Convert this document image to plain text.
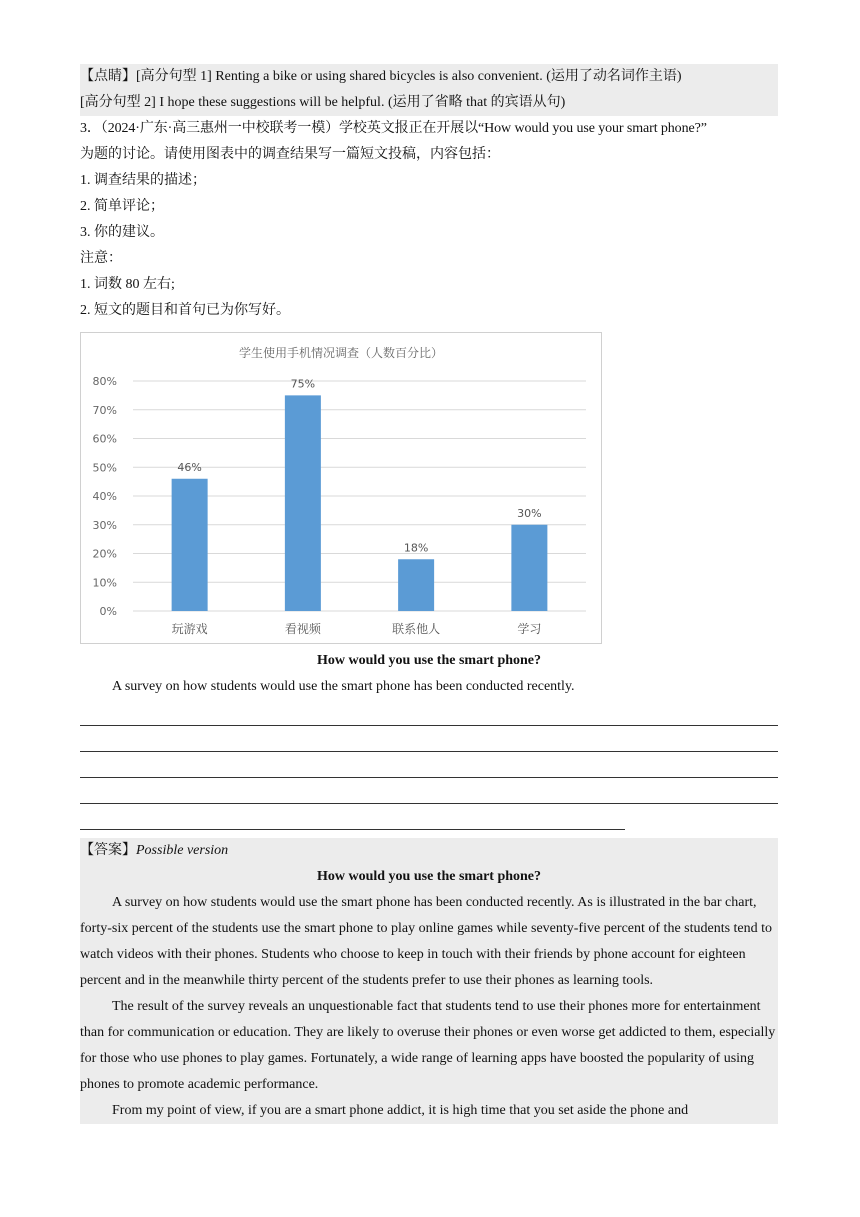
【点睛】[高分句型 1] Renting a bike or using shared bicycles is also convenient. (运用了动名词作主语)

[高分句型 2] I hope these suggestions will be helpful. (运用了省略 that 的宾语从句)

3．（2024·广东·高三惠州一中校联考一模）学校英文报正在开展以“How would you use your smart phone?”

为题的讨论。请使用图表中的调查结果写一篇短文投稿，内容包括：

1. 调查结果的描述；

2. 简单评论；

3. 你的建议。

注意：

1. 词数 80 左右;

2. 短文的题目和首句已为你写好。

学生使用手机情况调查（人数百分比）
0%
10%
20%
30%
40%
50%
60%
70%
80%
46%
玩游戏
75%
看视频
18%
联系他人
30%
学习

How would you use the smart phone?

A survey on how students would use the smart phone has been conducted recently.

【答案】Possible version

How would you use the smart phone?

A survey on how students would use the smart phone has been conducted recently. As is illustrated in the bar chart, forty-six percent of the students use the smart phone to play online games while seventy-five percent of the students tend to watch videos with their phones. Students who choose to keep in touch with their friends by phone account for eighteen percent and in the meanwhile thirty percent of the students prefer to use their phones as learning tools.

The result of the survey reveals an unquestionable fact that students tend to use their phones more for entertainment than for communication or education. They are likely to overuse their phones or even worse get addicted to them, especially for those who use phones to play games. Fortunately, a wide range of learning apps have boosted the popularity of using phones to promote academic performance.

From my point of view, if you are a smart phone addict, it is high time that you set aside the phone and
